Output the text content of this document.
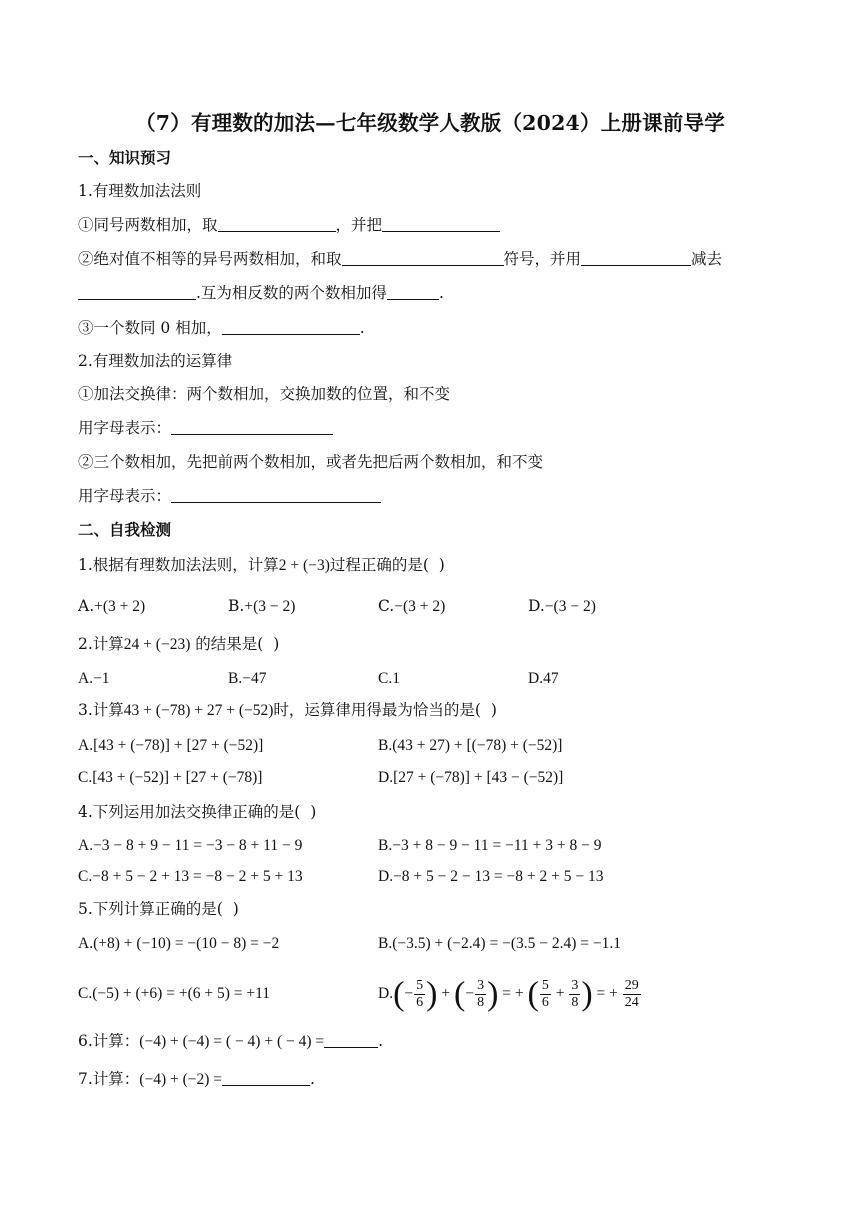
（7）有理数的加法—七年级数学人教版（2024）上册课前导学
一、知识预习
1.有理数加法法则
①同号两数相加，取	，并把
②绝对值不相等的异号两数相加，和取	符号，并用	减去
.互为相反数的两个数相加得	.
③一个数同 0 相加，	.
2.有理数加法的运算律
①加法交换律：两个数相加，交换加数的位置，和不变
用字母表示：
②三个数相加，先把前两个数相加，或者先把后两个数相加，和不变
用字母表示：
二、自我检测
1.根据有理数加法法则，计算2 + (−3)过程正确的是( )
A.+(3 + 2)	B.+(3 − 2)	C.−(3 + 2)	D.−(3 − 2)
2.计算24 + (−23) 的结果是( )
A.−1	B.−47	C.1	D.47
3.计算43 + (−78) + 27 + (−52)时，运算律用得最为恰当的是( )
A.[43 + (−78)] + [27 + (−52)]	B.(43 + 27) + [(−78) + (−52)]
C.[43 + (−52)] + [27 + (−78)]	D.[27 + (−78)] + [43 − (−52)]
4.下列运用加法交换律正确的是( )
A.−3 − 8 + 9 − 11 = −3 − 8 + 11 − 9	B.−3 + 8 − 9 − 11 = −11 + 3 + 8 − 9
C.−8 + 5 − 2 + 13 = −8 − 2 + 5 + 13	D.−8 + 5 − 2 − 13 = −8 + 2 + 5 − 13
5.下列计算正确的是( )
A.(+8) + (−10) = −(10 − 8) = −2	B.(−3.5) + (−2.4) = −(3.5 − 2.4) = −1.1
C.(−5) + (+6) = +(6 + 5) = +11	$D.(- \frac{5}{6}$ ) + (− $\frac{3}{8}$ ) = + ( $\frac{5}{6} + \frac{3}{8}$ ) = + $\frac{29}{24}$
6.计算：(−4) + (−4) = ( − 4) + ( − 4) =	.
7.计算：(−4) + (−2) =	.
